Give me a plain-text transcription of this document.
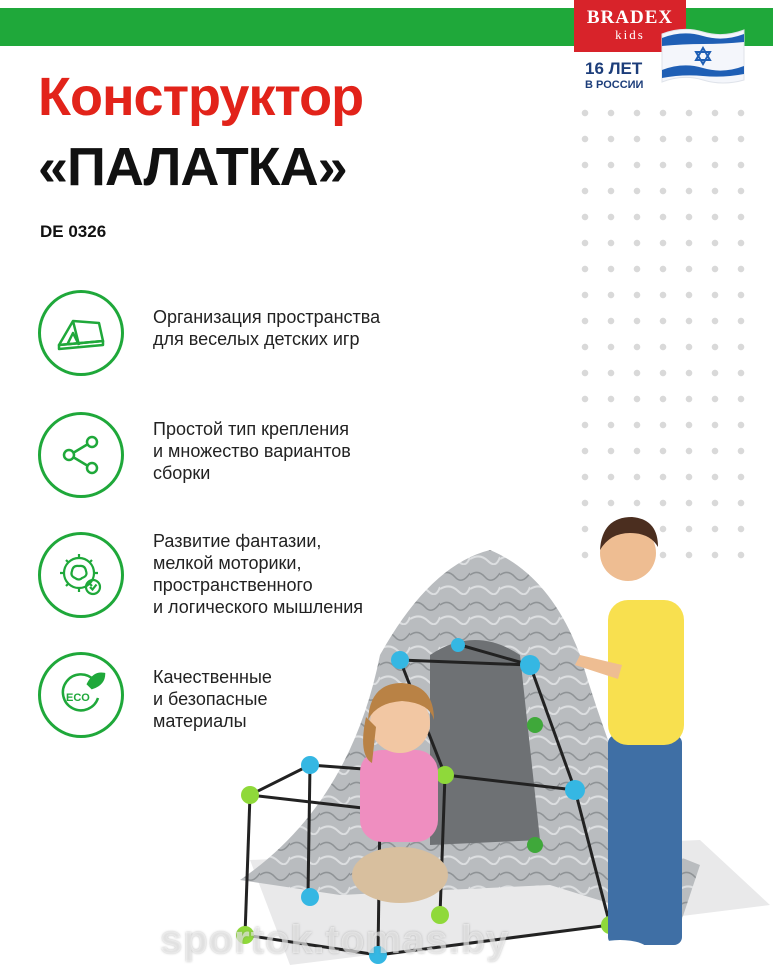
BRADEX
kids
16 ЛЕТ
В РОССИИ
Конструктор
«ПАЛАТКА»
DE 0326
Организация пространства
для веселых детских игр
Простой тип крепления
и множество вариантов
сборки
Развитие фантазии,
мелкой моторики,
пространственного
и логического мышления
ECO
Качественные
и безопасные
материалы
sportok.tomas.by
